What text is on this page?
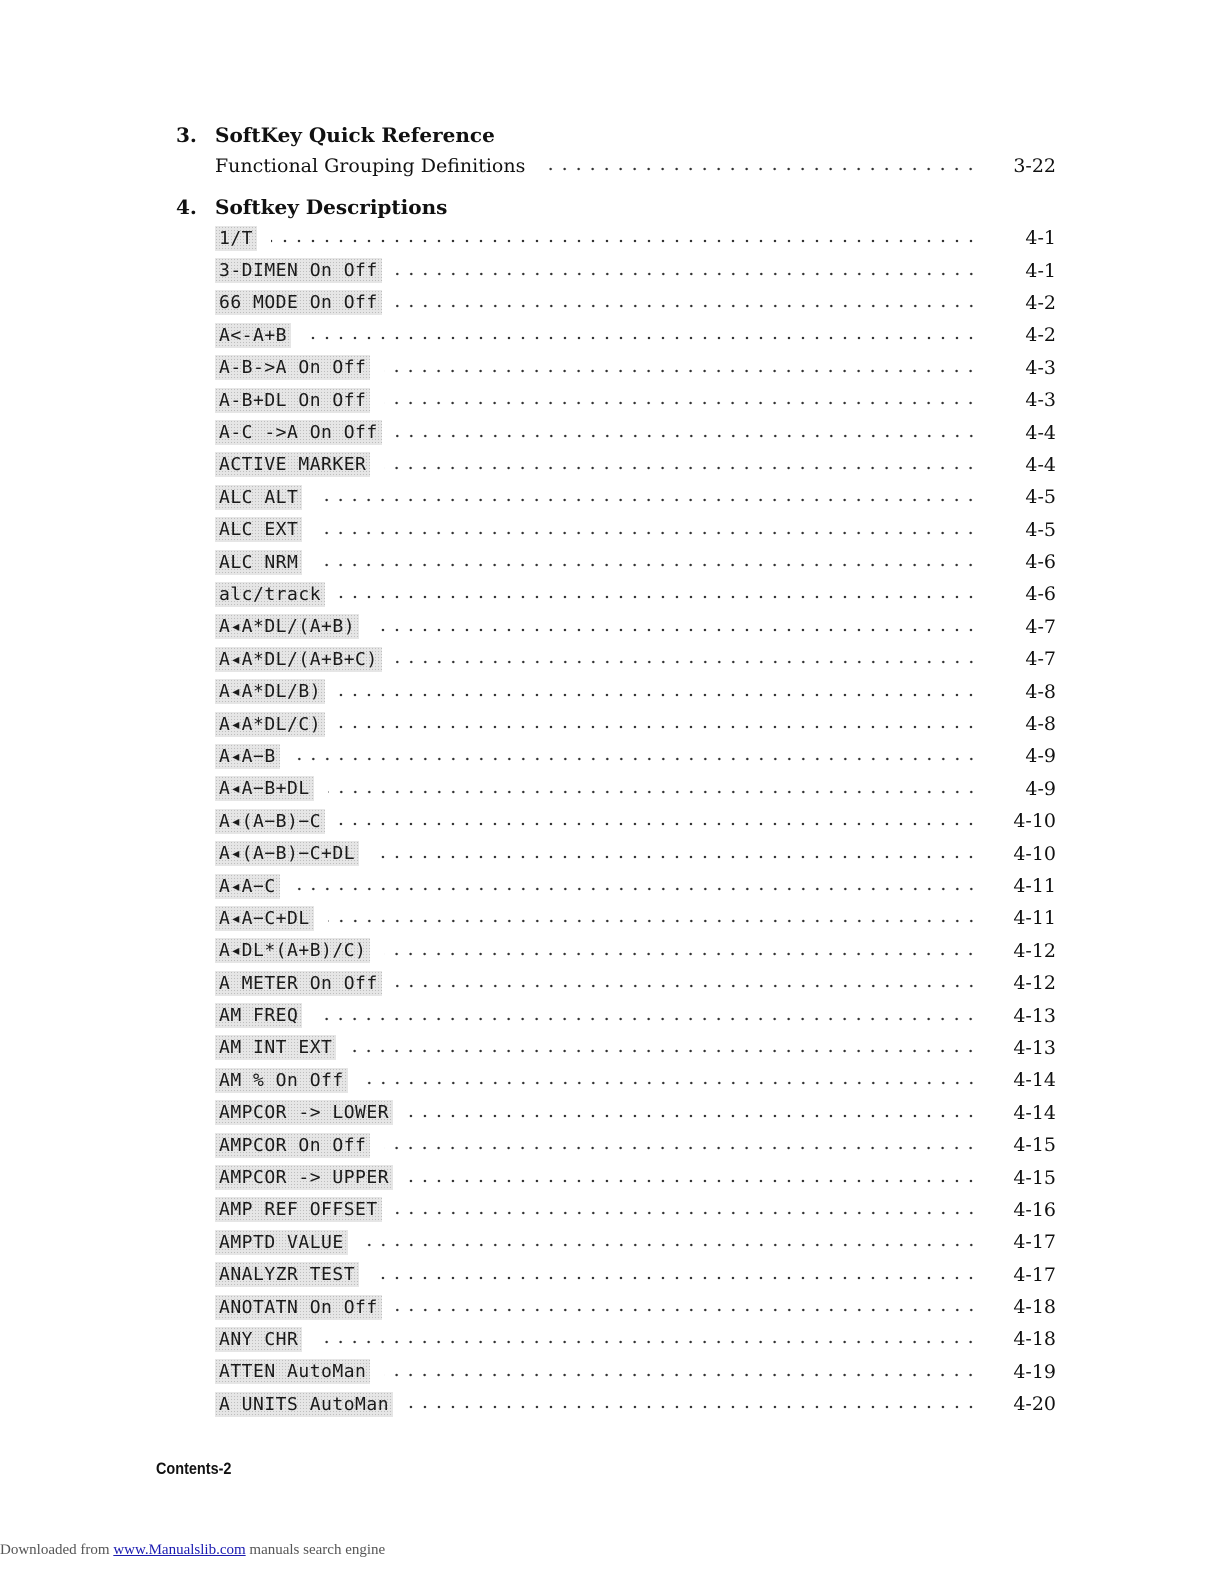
3. SoftKey Quick Reference
Functional Grouping Definitions	3-22
4. Softkey Descriptions
1/T	4-1
3-DIMEN On Off	4-1
66 MODE On Off	4-2
A<-A+B	4-2
A-B->A On Off	4-3
A-B+DL On Off	4-3
A-C ->A On Off	4-4
ACTIVE MARKER	4-4
ALC ALT	4-5
ALC EXT	4-5
ALC NRM	4-6
alc/track	4-6
A◂A*DL/(A+B)	4-7
A◂A*DL/(A+B+C)	4-7
A◂A*DL/B)	4-8
A◂A*DL/C)	4-8
A◂A−B	4-9
A◂A−B+DL	4-9
A◂(A−B)−C	4-10
A◂(A−B)−C+DL	4-10
A◂A−C	4-11
A◂A−C+DL	4-11
A◂DL*(A+B)/C)	4-12
A METER On Off	4-12
AM FREQ	4-13
AM INT EXT	4-13
AM % On Off	4-14
AMPCOR -> LOWER	4-14
AMPCOR On Off	4-15
AMPCOR -> UPPER	4-15
AMP REF OFFSET	4-16
AMPTD VALUE	4-17
ANALYZR TEST	4-17
ANOTATN On Off	4-18
ANY CHR	4-18
ATTEN AutoMan	4-19
A UNITS AutoMan	4-20
Contents-2
Downloaded from www.Manualslib.com manuals search engine
